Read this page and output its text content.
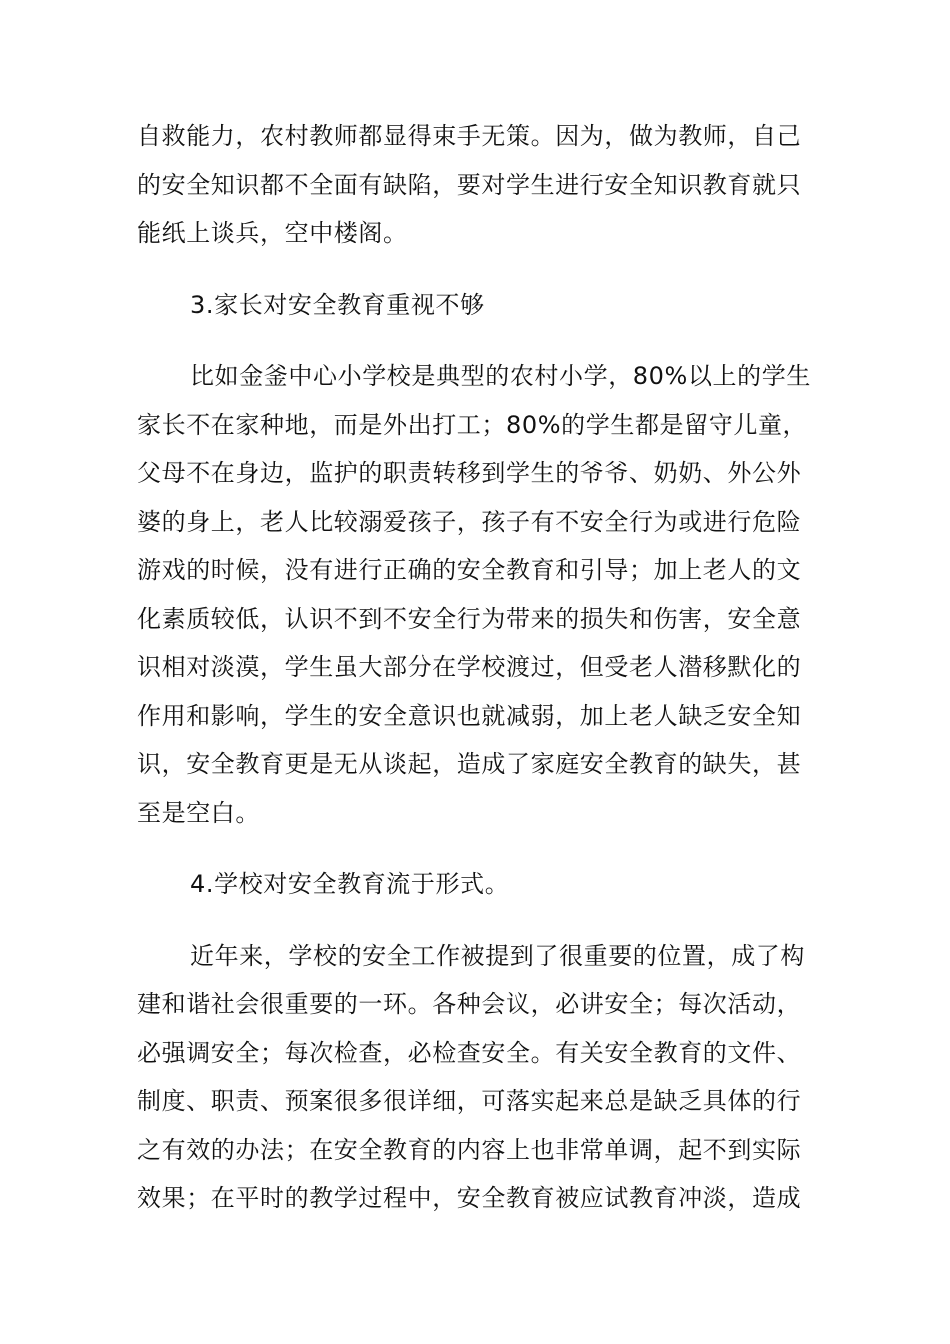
自救能力，农村教师都显得束手无策。因为，做为教师，自己
的安全知识都不全面有缺陷，要对学生进行安全知识教育就只
能纸上谈兵，空中楼阁。
3.家长对安全教育重视不够
比如金釜中心小学校是典型的农村小学，80%以上的学生
家长不在家种地，而是外出打工；80%的学生都是留守儿童，
父母不在身边，监护的职责转移到学生的爷爷、奶奶、外公外
婆的身上，老人比较溺爱孩子，孩子有不安全行为或进行危险
游戏的时候，没有进行正确的安全教育和引导；加上老人的文
化素质较低，认识不到不安全行为带来的损失和伤害，安全意
识相对淡漠，学生虽大部分在学校渡过，但受老人潜移默化的
作用和影响，学生的安全意识也就减弱，加上老人缺乏安全知
识，安全教育更是无从谈起，造成了家庭安全教育的缺失，甚
至是空白。
4.学校对安全教育流于形式。
近年来，学校的安全工作被提到了很重要的位置，成了构
建和谐社会很重要的一环。各种会议，必讲安全；每次活动，
必强调安全；每次检查，必检查安全。有关安全教育的文件、
制度、职责、预案很多很详细，可落实起来总是缺乏具体的行
之有效的办法；在安全教育的内容上也非常单调，起不到实际
效果；在平时的教学过程中，安全教育被应试教育冲淡，造成
